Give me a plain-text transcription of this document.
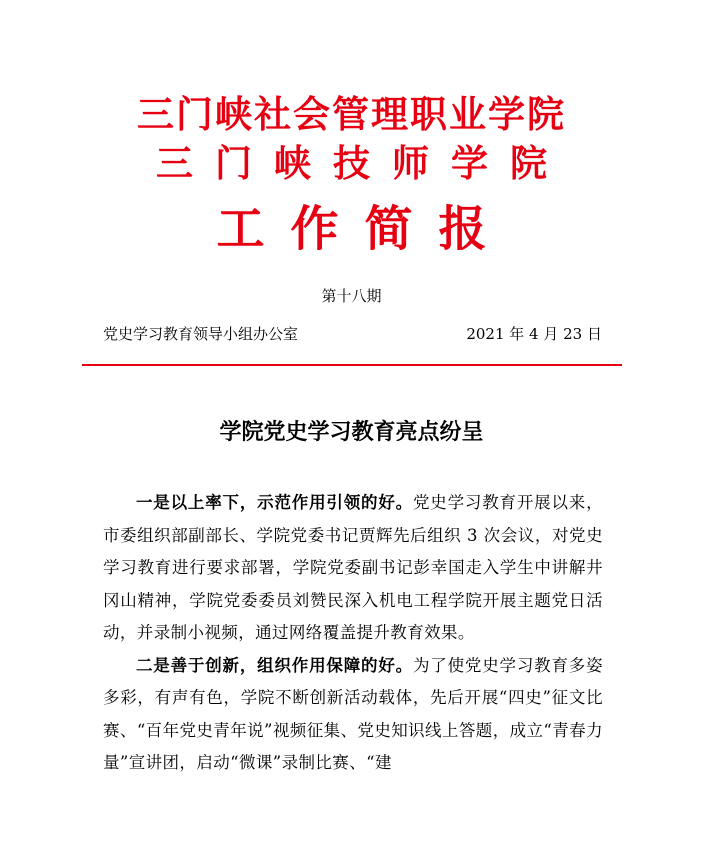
三门峡社会管理职业学院
三门峡技师学院
工作简报
第十八期
党史学习教育领导小组办公室	2021 年 4 月 23 日
学院党史学习教育亮点纷呈

一是以上率下，示范作用引领的好。党史学习教育开展以来，市委组织部副部长、学院党委书记贾辉先后组织 3 次会议，对党史学习教育进行要求部署，学院党委副书记彭幸国走入学生中讲解井冈山精神，学院党委委员刘赞民深入机电工程学院开展主题党日活动，并录制小视频，通过网络覆盖提升教育效果。

二是善于创新，组织作用保障的好。为了使党史学习教育多姿多彩，有声有色，学院不断创新活动载体，先后开展“四史”征文比赛、“百年党史青年说”视频征集、党史知识线上答题，成立“青春力量”宣讲团，启动“微课”录制比赛、“建
